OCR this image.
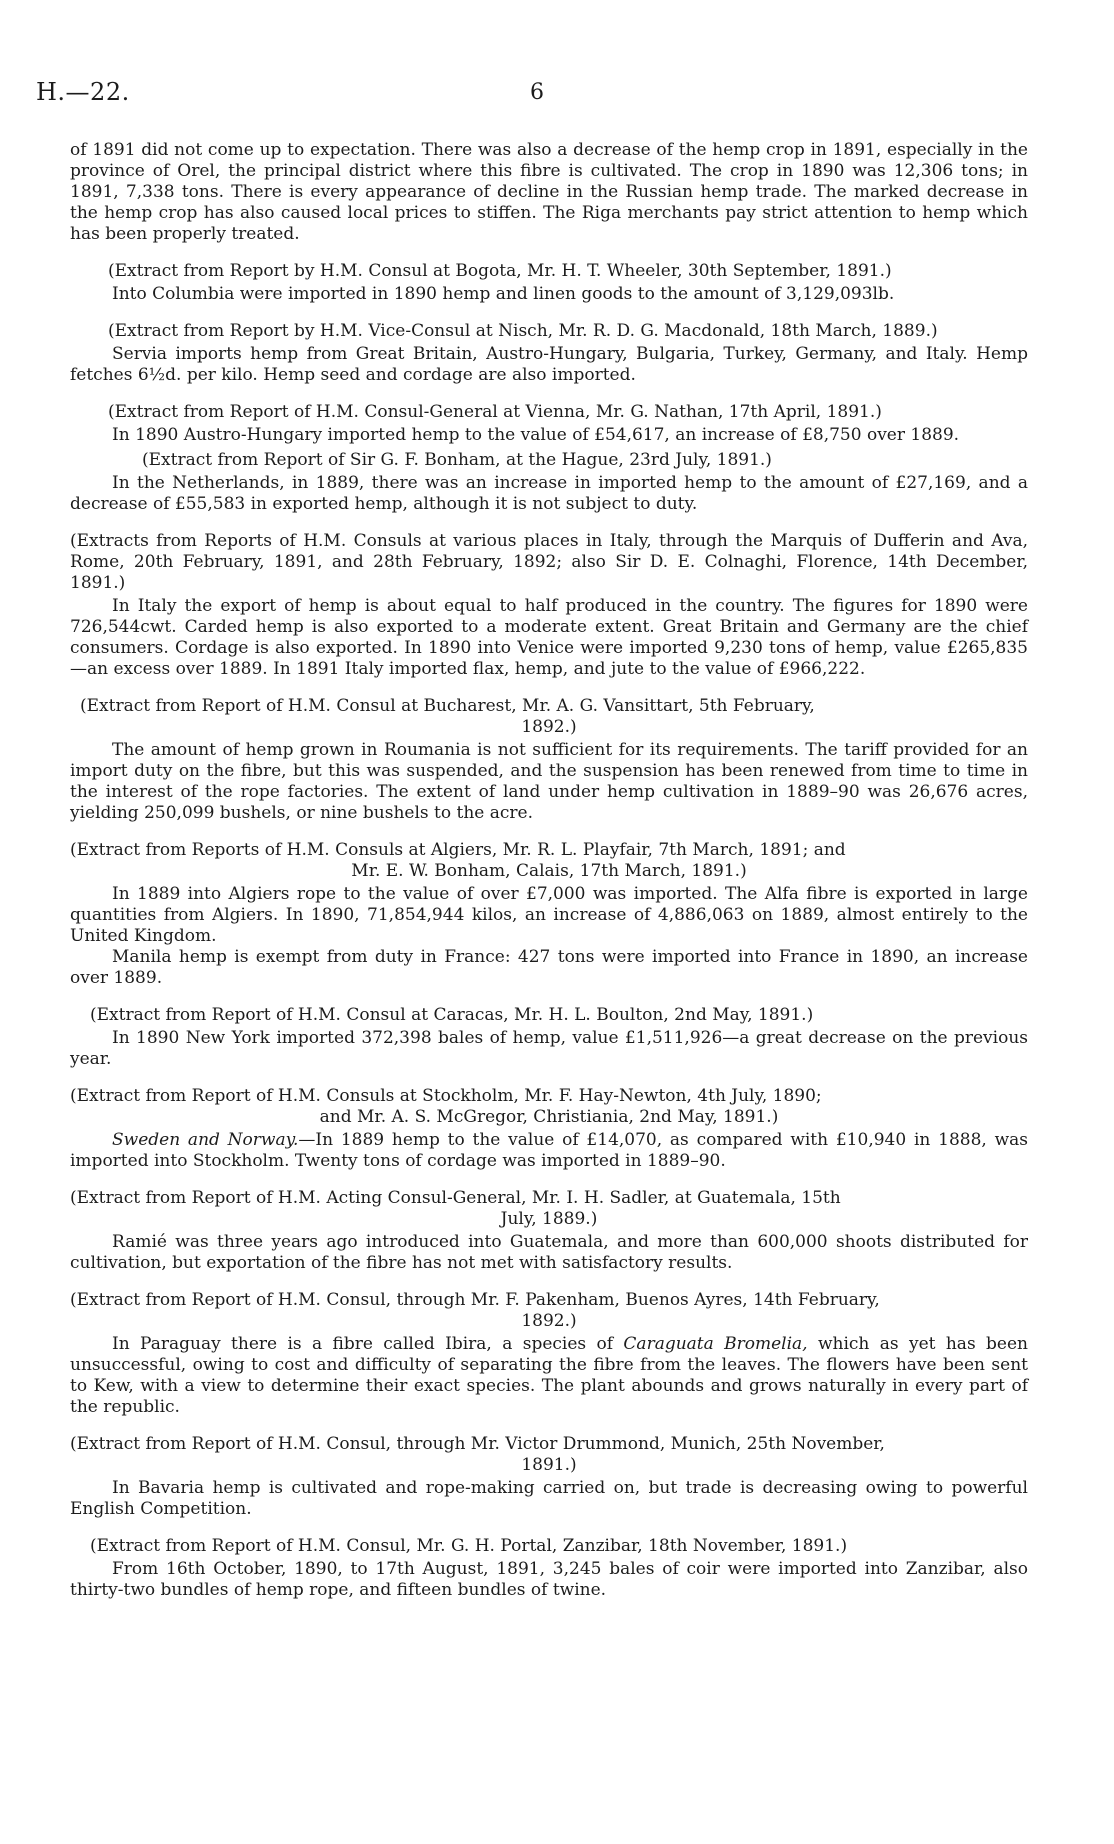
H.—22.	6

of 1891 did not come up to expectation. There was also a decrease of the hemp crop in 1891, especially in the province of Orel, the principal district where this fibre is cultivated. The crop in 1890 was 12,306 tons; in 1891, 7,338 tons. There is every appearance of decline in the Russian hemp trade. The marked decrease in the hemp crop has also caused local prices to stiffen. The Riga merchants pay strict attention to hemp which has been properly treated.

(Extract from Report by H.M. Consul at Bogota, Mr. H. T. Wheeler, 30th September, 1891.)

Into Columbia were imported in 1890 hemp and linen goods to the amount of 3,129,093lb.

(Extract from Report by H.M. Vice-Consul at Nisch, Mr. R. D. G. Macdonald, 18th March, 1889.)

Servia imports hemp from Great Britain, Austro-Hungary, Bulgaria, Turkey, Germany, and Italy. Hemp fetches 6½d. per kilo. Hemp seed and cordage are also imported.

(Extract from Report of H.M. Consul-General at Vienna, Mr. G. Nathan, 17th April, 1891.)

In 1890 Austro-Hungary imported hemp to the value of £54,617, an increase of £8,750 over 1889.

(Extract from Report of Sir G. F. Bonham, at the Hague, 23rd July, 1891.)

In the Netherlands, in 1889, there was an increase in imported hemp to the amount of £27,169, and a decrease of £55,583 in exported hemp, although it is not subject to duty.

(Extracts from Reports of H.M. Consuls at various places in Italy, through the Marquis of Dufferin and Ava, Rome, 20th February, 1891, and 28th February, 1892; also Sir D. E. Colnaghi, Florence, 14th December, 1891.)

In Italy the export of hemp is about equal to half produced in the country. The figures for 1890 were 726,544cwt. Carded hemp is also exported to a moderate extent. Great Britain and Germany are the chief consumers. Cordage is also exported. In 1890 into Venice were imported 9,230 tons of hemp, value £265,835—an excess over 1889. In 1891 Italy imported flax, hemp, and jute to the value of £966,222.

(Extract from Report of H.M. Consul at Bucharest, Mr. A. G. Vansittart, 5th February,
1892.)

The amount of hemp grown in Roumania is not sufficient for its requirements. The tariff provided for an import duty on the fibre, but this was suspended, and the suspension has been renewed from time to time in the interest of the rope factories. The extent of land under hemp cultivation in 1889–90 was 26,676 acres, yielding 250,099 bushels, or nine bushels to the acre.

(Extract from Reports of H.M. Consuls at Algiers, Mr. R. L. Playfair, 7th March, 1891; and
Mr. E. W. Bonham, Calais, 17th March, 1891.)

In 1889 into Algiers rope to the value of over £7,000 was imported. The Alfa fibre is exported in large quantities from Algiers. In 1890, 71,854,944 kilos, an increase of 4,886,063 on 1889, almost entirely to the United Kingdom.

Manila hemp is exempt from duty in France: 427 tons were imported into France in 1890, an increase over 1889.

(Extract from Report of H.M. Consul at Caracas, Mr. H. L. Boulton, 2nd May, 1891.)

In 1890 New York imported 372,398 bales of hemp, value £1,511,926—a great decrease on the previous year.

(Extract from Report of H.M. Consuls at Stockholm, Mr. F. Hay-Newton, 4th July, 1890;
and Mr. A. S. McGregor, Christiania, 2nd May, 1891.)

Sweden and Norway.—In 1889 hemp to the value of £14,070, as compared with £10,940 in 1888, was imported into Stockholm. Twenty tons of cordage was imported in 1889–90.

(Extract from Report of H.M. Acting Consul-General, Mr. I. H. Sadler, at Guatemala, 15th
July, 1889.)

Ramié was three years ago introduced into Guatemala, and more than 600,000 shoots distributed for cultivation, but exportation of the fibre has not met with satisfactory results.

(Extract from Report of H.M. Consul, through Mr. F. Pakenham, Buenos Ayres, 14th February,
1892.)

In Paraguay there is a fibre called Ibira, a species of Caraguata Bromelia, which as yet has been unsuccessful, owing to cost and difficulty of separating the fibre from the leaves. The flowers have been sent to Kew, with a view to determine their exact species. The plant abounds and grows naturally in every part of the republic.

(Extract from Report of H.M. Consul, through Mr. Victor Drummond, Munich, 25th November,
1891.)

In Bavaria hemp is cultivated and rope-making carried on, but trade is decreasing owing to powerful English Competition.

(Extract from Report of H.M. Consul, Mr. G. H. Portal, Zanzibar, 18th November, 1891.)

From 16th October, 1890, to 17th August, 1891, 3,245 bales of coir were imported into Zanzibar, also thirty-two bundles of hemp rope, and fifteen bundles of twine.
